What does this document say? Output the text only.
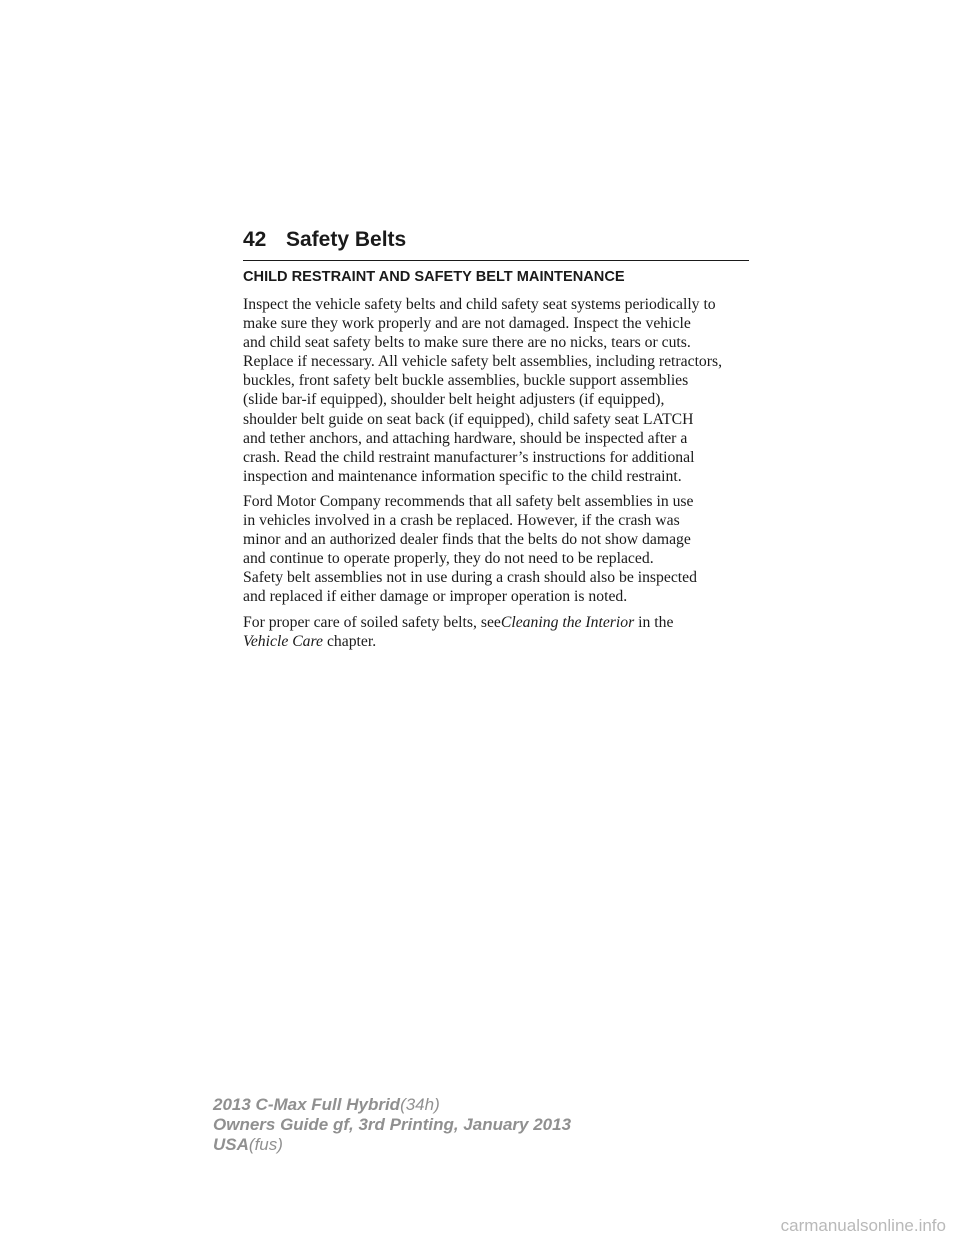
42 Safety Belts
CHILD RESTRAINT AND SAFETY BELT MAINTENANCE
Inspect the vehicle safety belts and child safety seat systems periodically to
make sure they work properly and are not damaged. Inspect the vehicle
and child seat safety belts to make sure there are no nicks, tears or cuts.
Replace if necessary. All vehicle safety belt assemblies, including retractors,
buckles, front safety belt buckle assemblies, buckle support assemblies
(slide bar-if equipped), shoulder belt height adjusters (if equipped),
shoulder belt guide on seat back (if equipped), child safety seat LATCH
and tether anchors, and attaching hardware, should be inspected after a
crash. Read the child restraint manufacturer’s instructions for additional
inspection and maintenance information specific to the child restraint.
Ford Motor Company recommends that all safety belt assemblies in use
in vehicles involved in a crash be replaced. However, if the crash was
minor and an authorized dealer finds that the belts do not show damage
and continue to operate properly, they do not need to be replaced.
Safety belt assemblies not in use during a crash should also be inspected
and replaced if either damage or improper operation is noted.
For proper care of soiled safety belts, seeCleaning the Interior in the
Vehicle Care chapter.
2013 C-Max Full Hybrid(34h)
Owners Guide gf, 3rd Printing, January 2013
USA(fus)
carmanualsonline.info
